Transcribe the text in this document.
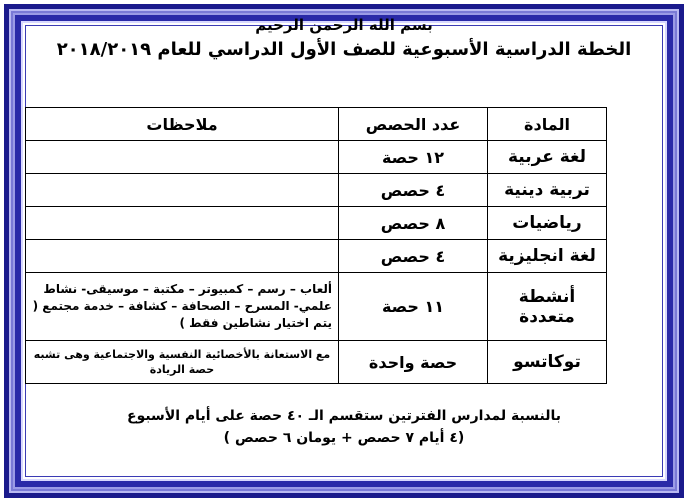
بسم الله الرحمن الرحيم
الخطة الدراسية الأسبوعية للصف الأول الدراسي للعام ٢٠١٨/٢٠١٩
المادة	عدد الحصص	ملاحظات
لغة عربية	١٢ حصة	
تربية دينية	٤ حصص	
رياضيات	٨ حصص	
لغة انجليزية	٤ حصص	
أنشطة متعددة	١١ حصة	ألعاب – رسم – كمبيوتر – مكتبة – موسيقى- نشاط علمي- المسرح – الصحافة – كشافة – خدمة مجتمع ( يتم اختيار نشاطين فقط )
توكاتسو	حصة واحدة	مع الاستعانة بالأخصائية النفسية والاجتماعية وهى تشبه حصة الريادة
بالنسبة لمدارس الفترتين ستقسم الـ ٤٠ حصة على أيام الأسبوع
(٤ أيام ٧ حصص + يومان ٦ حصص )
